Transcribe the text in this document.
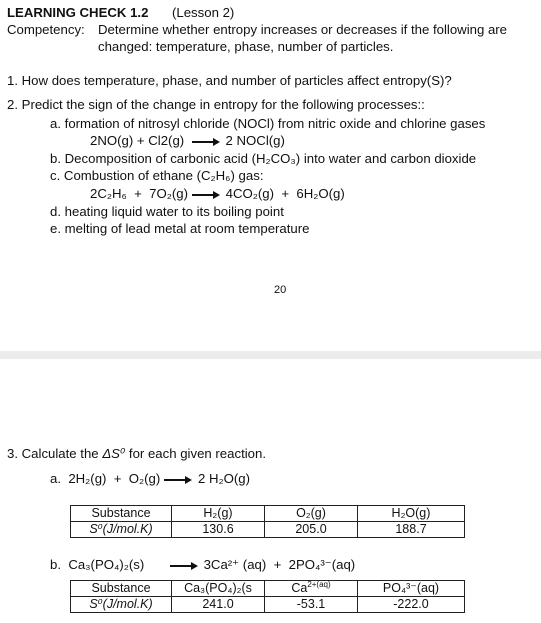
LEARNING CHECK 1.2 (Lesson 2)
Competency: Determine whether entropy increases or decreases if the following are
changed: temperature, phase, number of particles.
1. How does temperature, phase, and number of particles affect entropy(S)?
2. Predict the sign of the change in entropy for the following processes::
a. formation of nitrosyl chloride (NOCl) from nitric oxide and chlorine gases
2NO(g) + Cl2(g) → 2 NOCl(g)
b. Decomposition of carbonic acid (H₂CO₃) into water and carbon dioxide
c. Combustion of ethane (C₂H₆) gas:
2C₂H₆  +  7O₂(g) → 4CO₂(g)  +  6H₂O(g)
d. heating liquid water to its boiling point
e. melting of lead metal at room temperature
20
3. Calculate the ΔS⁰ for each given reaction.
a.  2H₂(g)  +  O₂(g) → 2 H₂O(g)
Substance	H₂(g)	O₂(g)	H₂O(g)
S⁰(J/mol.K)	130.6	205.0	188.7
b.  Ca₃(PO₄)₂(s) → 3Ca²⁺ (aq)  +  2PO₄³⁻(aq)
Substance	Ca₃(PO₄)₂(s	$Ca^{2+(aq)}$	PO₄³⁻(aq)
S⁰(J/mol.K)	241.0	-53.1	-222.0
